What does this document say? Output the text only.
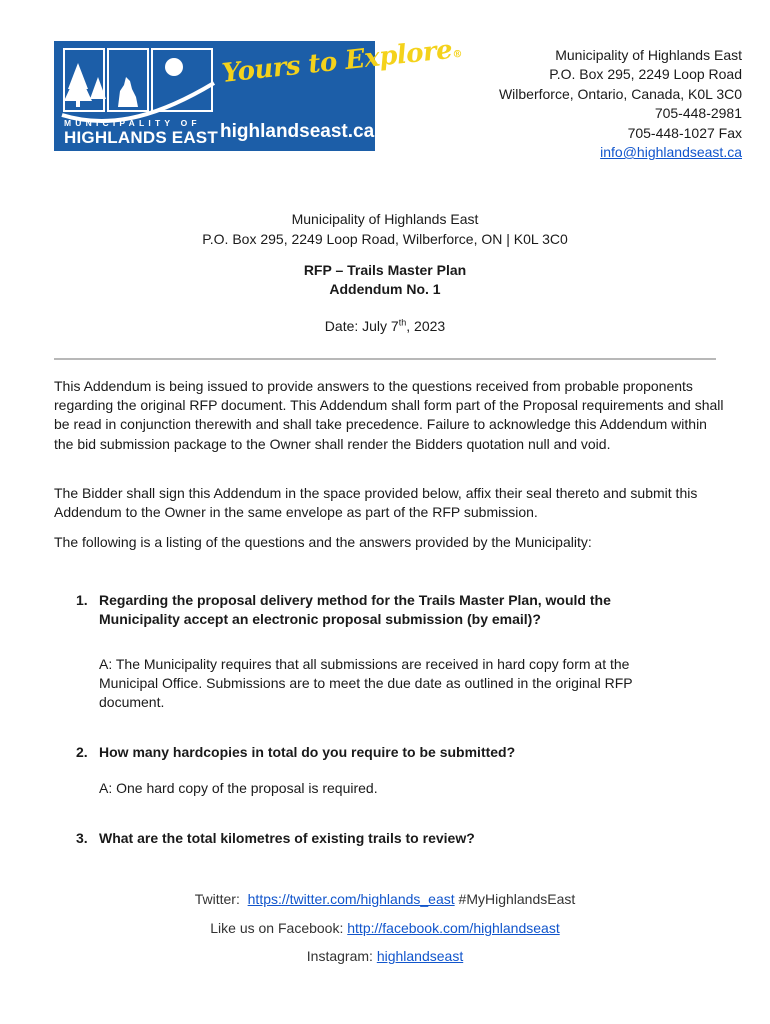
Yours to Explore®
MUNICIPALITY OF
HIGHLANDS EAST highlandseast.ca
Municipality of Highlands East
P.O. Box 295, 2249 Loop Road
Wilberforce, Ontario, Canada, K0L 3C0
705-448-2981
705-448-1027 Fax
info@highlandseast.ca
Municipality of Highlands East
P.O. Box 295, 2249 Loop Road, Wilberforce, ON | K0L 3C0
RFP – Trails Master Plan
Addendum No. 1
Date: July 7th, 2023
This Addendum is being issued to provide answers to the questions received from probable proponents regarding the original RFP document. This Addendum shall form part of the Proposal requirements and shall be read in conjunction therewith and shall take precedence. Failure to acknowledge this Addendum within the bid submission package to the Owner shall render the Bidders quotation null and void.
The Bidder shall sign this Addendum in the space provided below, affix their seal thereto and submit this Addendum to the Owner in the same envelope as part of the RFP submission.
The following is a listing of the questions and the answers provided by the Municipality:
1. Regarding the proposal delivery method for the Trails Master Plan, would the Municipality accept an electronic proposal submission (by email)?
A: The Municipality requires that all submissions are received in hard copy form at the Municipal Office. Submissions are to meet the due date as outlined in the original RFP document.
2. How many hardcopies in total do you require to be submitted?
A: One hard copy of the proposal is required.
3. What are the total kilometres of existing trails to review?
Twitter: https://twitter.com/highlands_east #MyHighlandsEast
Like us on Facebook: http://facebook.com/highlandseast
Instagram: highlandseast
